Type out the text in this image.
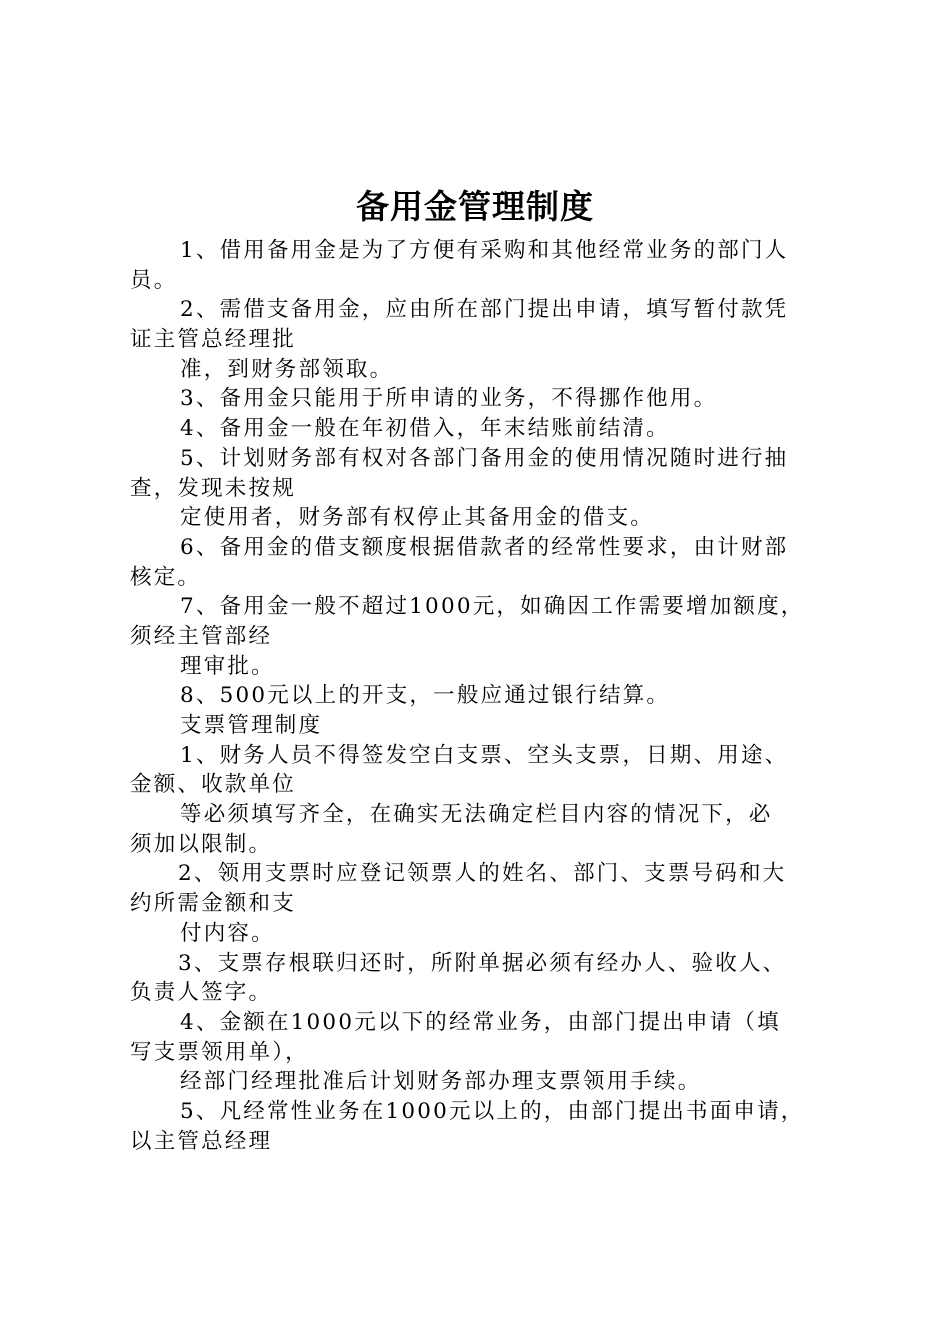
备用金管理制度
1、借用备用金是为了方便有采购和其他经常业务的部门人
员。
2、需借支备用金，应由所在部门提出申请，填写暂付款凭
证主管总经理批
准，到财务部领取。
3、备用金只能用于所申请的业务，不得挪作他用。
4、备用金一般在年初借入，年末结账前结清。
5、计划财务部有权对各部门备用金的使用情况随时进行抽
查，发现未按规
定使用者，财务部有权停止其备用金的借支。
6、备用金的借支额度根据借款者的经常性要求，由计财部
核定。
7、备用金一般不超过1000元，如确因工作需要增加额度，
须经主管部经
理审批。
8、500元以上的开支，一般应通过银行结算。
支票管理制度
1、财务人员不得签发空白支票、空头支票，日期、用途、
金额、收款单位
等必须填写齐全，在确实无法确定栏目内容的情况下，必
须加以限制。
2、领用支票时应登记领票人的姓名、部门、支票号码和大
约所需金额和支
付内容。
3、支票存根联归还时，所附单据必须有经办人、验收人、
负责人签字。
4、金额在1000元以下的经常业务，由部门提出申请（填
写支票领用单），
经部门经理批准后计划财务部办理支票领用手续。
5、凡经常性业务在1000元以上的，由部门提出书面申请，
以主管总经理
